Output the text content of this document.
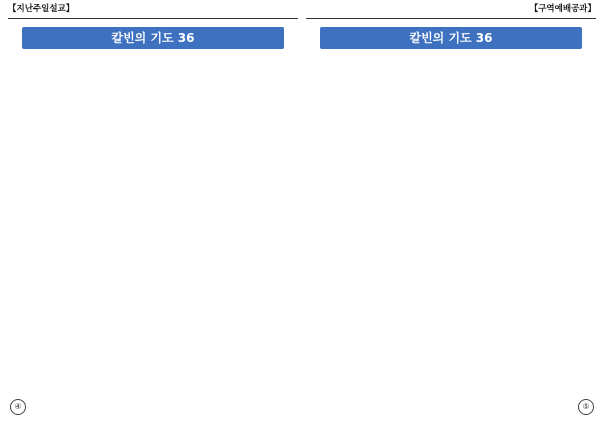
【지난주일설교】
칼빈의 기도 36
④
【구역예배공과】
칼빈의 기도 36
⑤
